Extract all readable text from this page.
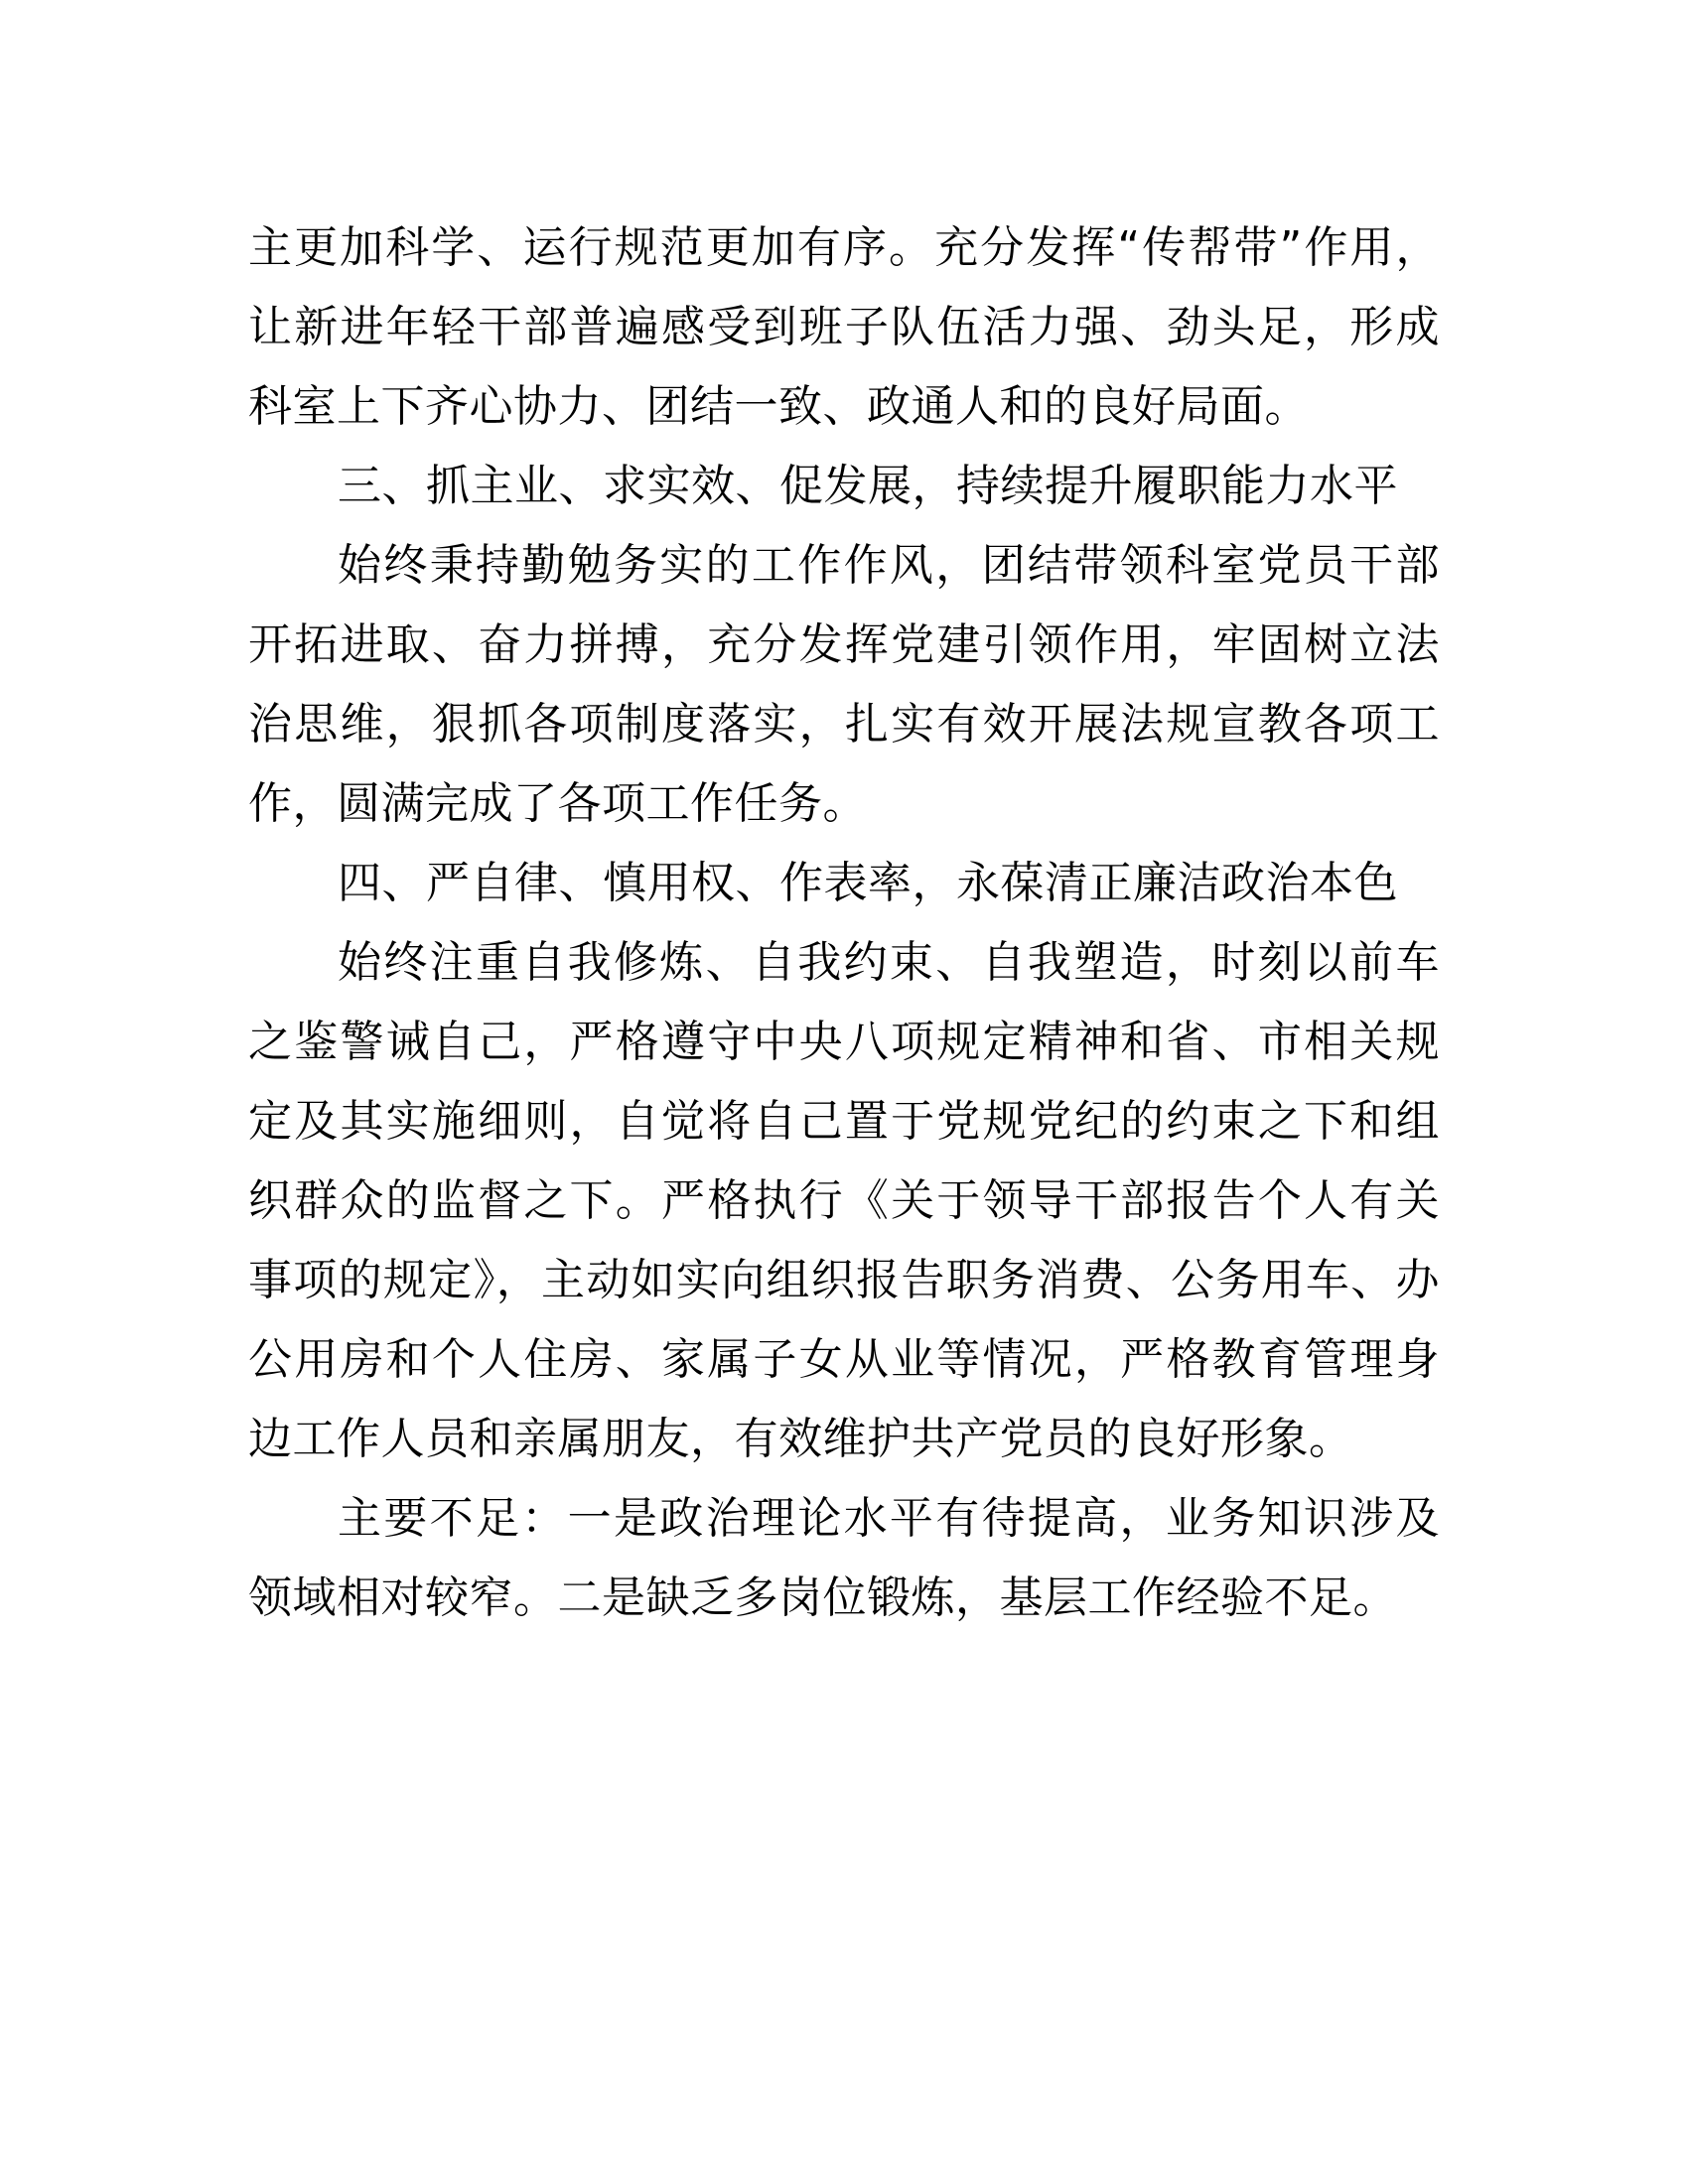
主更加科学、运行规范更加有序。充分发挥“传帮带”作用，让新进年轻干部普遍感受到班子队伍活力强、劲头足，形成科室上下齐心协力、团结一致、政通人和的良好局面。

三、抓主业、求实效、促发展，持续提升履职能力水平

始终秉持勤勉务实的工作作风，团结带领科室党员干部开拓进取、奋力拼搏，充分发挥党建引领作用，牢固树立法治思维，狠抓各项制度落实，扎实有效开展法规宣教各项工作，圆满完成了各项工作任务。

四、严自律、慎用权、作表率，永葆清正廉洁政治本色

始终注重自我修炼、自我约束、自我塑造，时刻以前车之鉴警诫自己，严格遵守中央八项规定精神和省、市相关规定及其实施细则，自觉将自己置于党规党纪的约束之下和组织群众的监督之下。严格执行《关于领导干部报告个人有关事项的规定》，主动如实向组织报告职务消费、公务用车、办公用房和个人住房、家属子女从业等情况，严格教育管理身边工作人员和亲属朋友，有效维护共产党员的良好形象。

主要不足：一是政治理论水平有待提高，业务知识涉及领域相对较窄。二是缺乏多岗位锻炼，基层工作经验不足。
